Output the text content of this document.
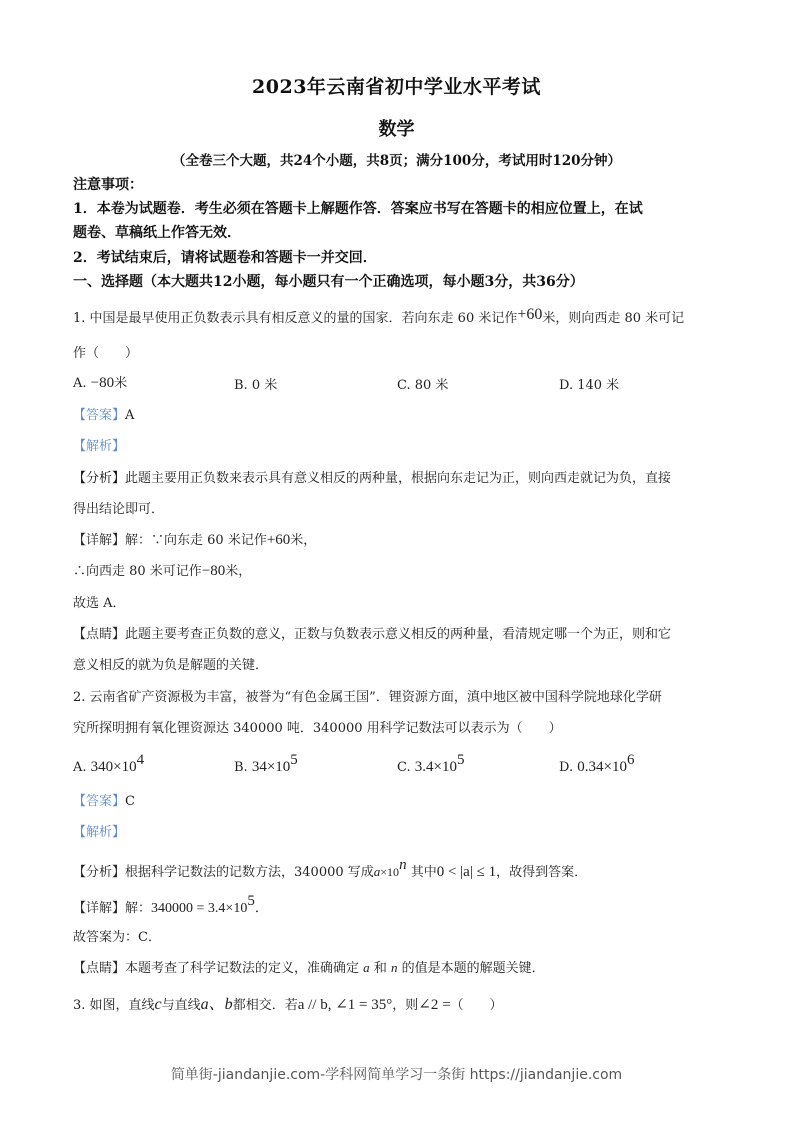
2023年云南省初中学业水平考试
数学
（全卷三个大题，共24个小题，共8页；满分100分，考试用时120分钟）
注意事项：
1．本卷为试题卷．考生必须在答题卡上解题作答．答案应书写在答题卡的相应位置上，在试
题卷、草稿纸上作答无效．
2．考试结束后，请将试题卷和答题卡一并交回．
一、选择题（本大题共12小题，每小题只有一个正确选项，每小题3分，共36分）
1. 中国是最早使用正负数表示具有相反意义的量的国家．若向东走 60 米记作+60米，则向西走 80 米可记
作（　　）
A. −80米	B. 0 米	C. 80 米	D. 140 米
【答案】A
【解析】
【分析】此题主要用正负数来表示具有意义相反的两种量，根据向东走记为正，则向西走就记为负，直接
得出结论即可．
【详解】解：∵向东走 60 米记作+60米，
∴向西走 80 米可记作−80米，
故选 A．
【点睛】此题主要考查正负数的意义，正数与负数表示意义相反的两种量，看清规定哪一个为正，则和它
意义相反的就为负是解题的关键．
2. 云南省矿产资源极为丰富，被誉为“有色金属王国”．锂资源方面，滇中地区被中国科学院地球化学研
究所探明拥有氧化锂资源达 340000 吨．340000 用科学记数法可以表示为（　　）
A. $340\times 10^4$	B. $34\times 10^5$	C. $3.4\times 10^5$	D. $0.34\times 10^6$
【答案】C
【解析】
【分析】根据科学记数法的记数方法，340000 写成$a\times 10^n$ 其中0 < |a| ≤ 1，故得到答案．
【详解】解：$340000 = 3.4\times 10^5$．
故答案为：C．
【点睛】本题考查了科学记数法的定义，准确确定 a 和 n 的值是本题的解题关键．
3. 如图，直线c与直线a、b都相交．若a // b, ∠1 = 35°，则∠2 =（　　）
简单街-jiandanjie.com-学科网简单学习一条街 https://jiandanjie.com
